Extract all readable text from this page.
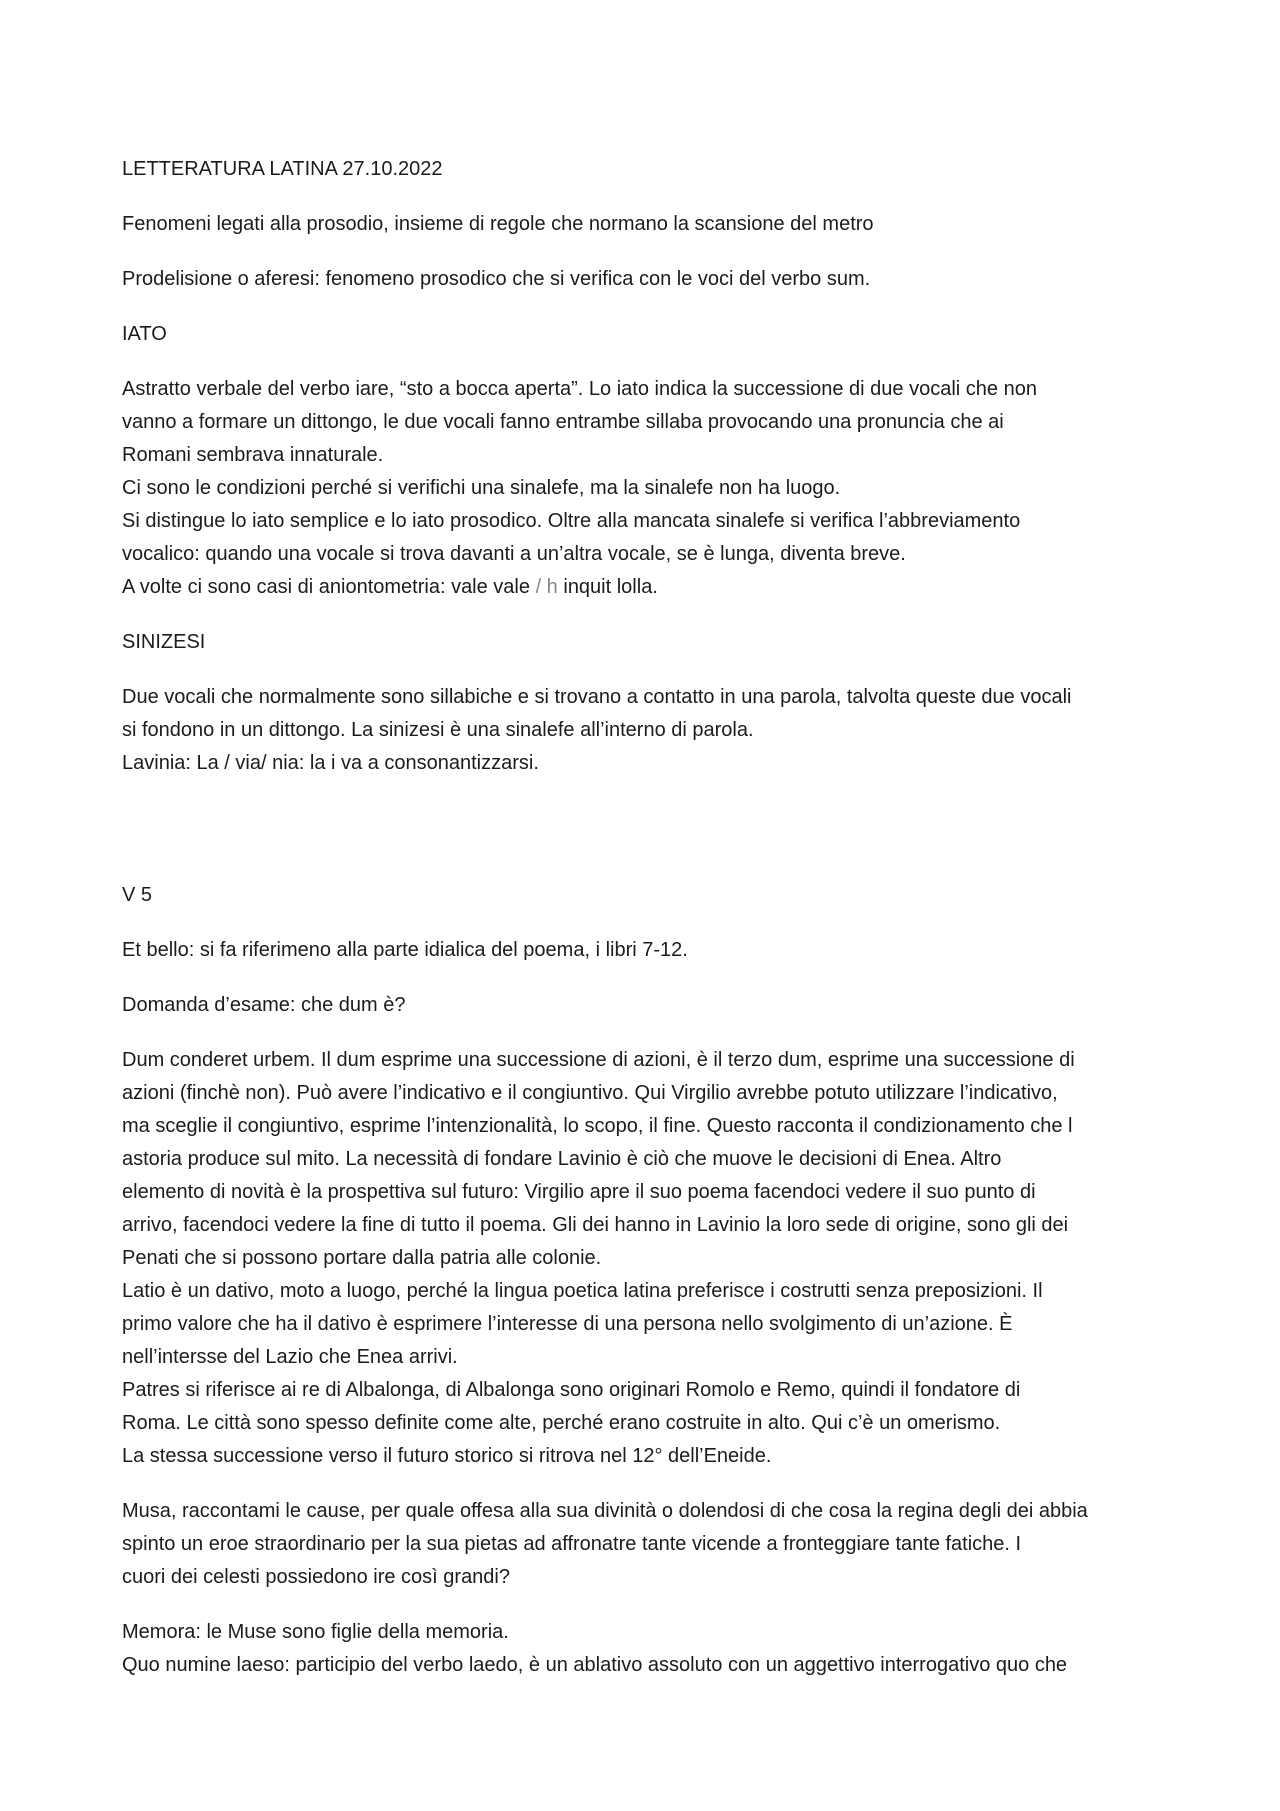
LETTERATURA LATINA 27.10.2022

Fenomeni legati alla prosodio, insieme di regole che normano la scansione del metro

Prodelisione o aferesi: fenomeno prosodico che si verifica con le voci del verbo sum.

IATO

Astratto verbale del verbo iare, “sto a bocca aperta”. Lo iato indica la successione di due vocali che non
vanno a formare un dittongo, le due vocali fanno entrambe sillaba provocando una pronuncia che ai
Romani sembrava innaturale.
Ci sono le condizioni perché si verifichi una sinalefe, ma la sinalefe non ha luogo.
Si distingue lo iato semplice e lo iato prosodico. Oltre alla mancata sinalefe si verifica l’abbreviamento
vocalico: quando una vocale si trova davanti a un’altra vocale, se è lunga, diventa breve.
A volte ci sono casi di aniontometria: vale vale / h inquit lolla.

SINIZESI

Due vocali che normalmente sono sillabiche e si trovano a contatto in una parola, talvolta queste due vocali
si fondono in un dittongo. La sinizesi è una sinalefe all’interno di parola.
Lavinia: La / via/ nia: la i va a consonantizzarsi.

V 5

Et bello: si fa riferimeno alla parte idialica del poema, i libri 7-12.

Domanda d’esame: che dum è?

Dum conderet urbem. Il dum esprime una successione di azioni, è il terzo dum, esprime una successione di
azioni (finchè non). Può avere l’indicativo e il congiuntivo. Qui Virgilio avrebbe potuto utilizzare l’indicativo,
ma sceglie il congiuntivo, esprime l’intenzionalità, lo scopo, il fine. Questo racconta il condizionamento che l
astoria produce sul mito. La necessità di fondare Lavinio è ciò che muove le decisioni di Enea. Altro
elemento di novità è la prospettiva sul futuro: Virgilio apre il suo poema facendoci vedere il suo punto di
arrivo, facendoci vedere la fine di tutto il poema. Gli dei hanno in Lavinio la loro sede di origine, sono gli dei
Penati che si possono portare dalla patria alle colonie.
Latio è un dativo, moto a luogo, perché la lingua poetica latina preferisce i costrutti senza preposizioni. Il
primo valore che ha il dativo è esprimere l’interesse di una persona nello svolgimento di un’azione. È
nell’intersse del Lazio che Enea arrivi.
Patres si riferisce ai re di Albalonga, di Albalonga sono originari Romolo e Remo, quindi il fondatore di
Roma. Le città sono spesso definite come alte, perché erano costruite in alto. Qui c’è un omerismo.
La stessa successione verso il futuro storico si ritrova nel 12° dell’Eneide.

Musa, raccontami le cause, per quale offesa alla sua divinità o dolendosi di che cosa la regina degli dei abbia
spinto un eroe straordinario per la sua pietas ad affronatre tante vicende a fronteggiare tante fatiche. I
cuori dei celesti possiedono ire così grandi?

Memora: le Muse sono figlie della memoria.
Quo numine laeso: participio del verbo laedo, è un ablativo assoluto con un aggettivo interrogativo quo che
